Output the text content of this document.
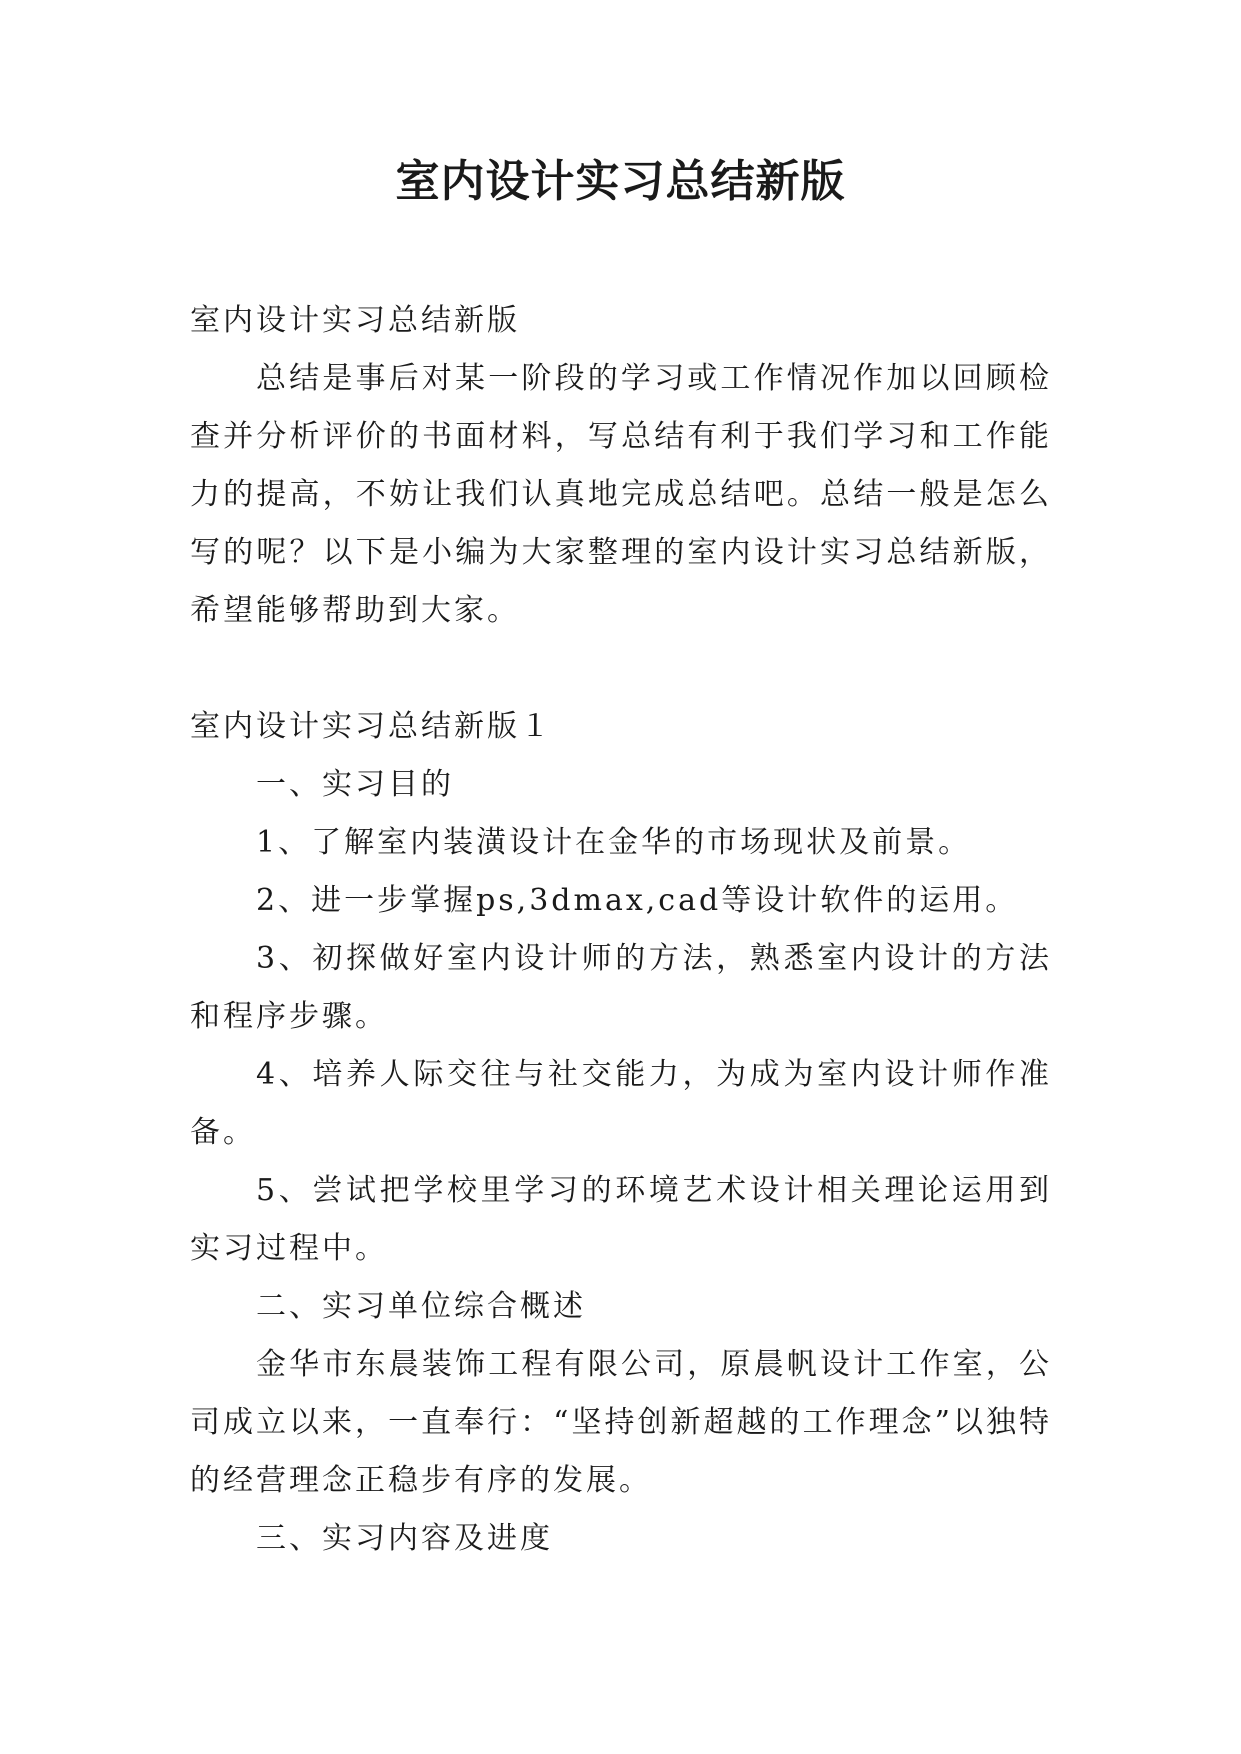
室内设计实习总结新版

室内设计实习总结新版

总结是事后对某一阶段的学习或工作情况作加以回顾检查并分析评价的书面材料，写总结有利于我们学习和工作能力的提高，不妨让我们认真地完成总结吧。总结一般是怎么写的呢？以下是小编为大家整理的室内设计实习总结新版，希望能够帮助到大家。

室内设计实习总结新版１

一、实习目的

1、了解室内装潢设计在金华的市场现状及前景。

2、进一步掌握ps,3dmax,cad等设计软件的运用。

3、初探做好室内设计师的方法，熟悉室内设计的方法和程序步骤。

4、培养人际交往与社交能力，为成为室内设计师作准备。

5、尝试把学校里学习的环境艺术设计相关理论运用到实习过程中。

二、实习单位综合概述

金华市东晨装饰工程有限公司，原晨帆设计工作室，公司成立以来，一直奉行：“坚持创新超越的工作理念”以独特的经营理念正稳步有序的发展。

三、实习内容及进度
